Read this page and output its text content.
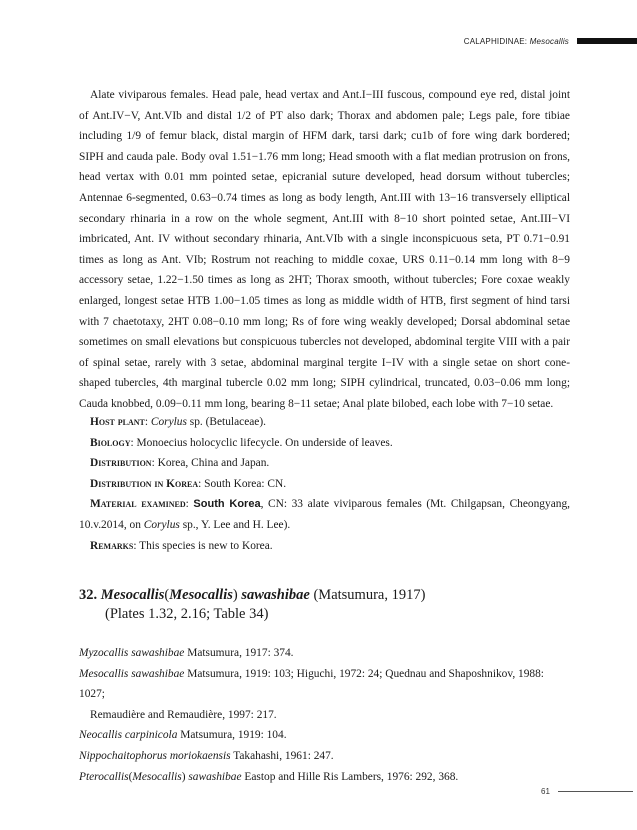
CALAPHIDINAE: Mesocallis

Alate viviparous females. Head pale, head vertax and Ant.I−III fuscous, compound eye red, distal joint of Ant.IV−V, Ant.VIb and distal 1/2 of PT also dark; Thorax and abdomen pale; Legs pale, fore tibiae including 1/9 of femur black, distal margin of HFM dark, tarsi dark; cu1b of fore wing dark bordered; SIPH and cauda pale. Body oval 1.51−1.76 mm long; Head smooth with a flat median protrusion on frons, head vertax with 0.01 mm pointed setae, epicranial suture developed, head dorsum without tubercles; Antennae 6-segmented, 0.63−0.74 times as long as body length, Ant.III with 13−16 transversely elliptical secondary rhinaria in a row on the whole segment, Ant.III with 8−10 short pointed setae, Ant.III−VI imbricated, Ant. IV without secondary rhinaria, Ant.VIb with a single inconspicuous seta, PT 0.71−0.91 times as long as Ant. VIb; Rostrum not reaching to middle coxae, URS 0.11−0.14 mm long with 8−9 accessory setae, 1.22−1.50 times as long as 2HT; Thorax smooth, without tubercles; Fore coxae weakly enlarged, longest setae HTB 1.00−1.05 times as long as middle width of HTB, first segment of hind tarsi with 7 chaetotaxy, 2HT 0.08−0.10 mm long; Rs of fore wing weakly developed; Dorsal abdominal setae sometimes on small elevations but conspicuous tubercles not developed, abdominal tergite VIII with a pair of spinal setae, rarely with 3 setae, abdominal marginal tergite I−IV with a single setae on short cone-shaped tubercles, 4th marginal tubercle 0.02 mm long; SIPH cylindrical, truncated, 0.03−0.06 mm long; Cauda knobbed, 0.09−0.11 mm long, bearing 8−11 setae; Anal plate bilobed, each lobe with 7−10 setae.

Host plant: Corylus sp. (Betulaceae).
Biology: Monoecius holocyclic lifecycle. On underside of leaves.
Distribution: Korea, China and Japan.
Distribution in Korea: South Korea: CN.
Material examined: South Korea, CN: 33 alate viviparous females (Mt. Chilgapsan, Cheongyang, 10.v.2014, on Corylus sp., Y. Lee and H. Lee).
Remarks: This species is new to Korea.
32. Mesocallis(Mesocallis) sawashibae (Matsumura, 1917)
(Plates 1.32, 2.16; Table 34)
Myzocallis sawashibae Matsumura, 1917: 374.
Mesocallis sawashibae Matsumura, 1919: 103; Higuchi, 1972: 24; Quednau and Shaposhnikov, 1988: 1027;
Remaudière and Remaudière, 1997: 217.
Neocallis carpinicola Matsumura, 1919: 104.
Nippochaitophorus moriokaensis Takahashi, 1961: 247.
Pterocallis(Mesocallis) sawashibae Eastop and Hille Ris Lambers, 1976: 292, 368.
61
